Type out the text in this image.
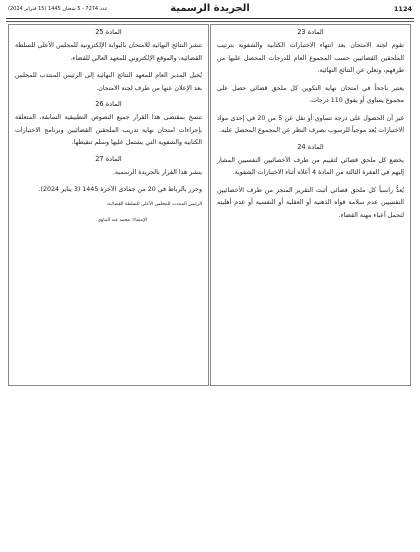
1124
الجريدة الرسمية
عدد 7274 - 5 شعبان 1445 (15 فبراير 2024)
المادة 23

تقوم لجنة الامتحان بعد انتهاء الاختبارات الكتابية والشفوية بترتيب الملحقين القضائيين حسب المجموع العام للدرجات المحصل عليها من طرفهم، وتعلن عن النتائج النهائية.

يعتبر ناجحاً في امتحان نهاية التكوين كل ملحق قضائي حصل على مجموع يساوي أو يفوق 110 درجات.

غير أن الحصول على درجة تساوي أو تقل عن 5 من 20 في إحدى مواد الاختبارات يُعد موجباً للرسوب بصرف النظر عن المجموع المحصل عليه.

المادة 24

يخضع كل ملحق قضائي لتقييم من طرف الأخصائيين النفسيين المشار إليهم في الفقرة الثالثة من المادة 4 أعلاه أثناء الاختبارات الشفوية.

يُعدُّ راسباً كل ملحق قضائي أثبت التقرير المنجز من طرف الأخصائيين النفسيين عدم سلامة قواه الذهنية أو العقلية أو النفسية أو عدم أهليته لتحمل أعباء مهنة القضاء.

المادة 25

تنشر النتائج النهائية للامتحان بالبوابة الإلكترونية للمجلس الأعلى للسلطة القضائية، والموقع الإلكتروني للمعهد العالي للقضاء.

يُحيل المدير العام للمعهد النتائج النهائية إلى الرئيس المنتدب للمجلس بعد الإعلان عنها من طرف لجنة الامتحان.

المادة 26

تنسخ بمقتضى هذا القرار جميع النصوص التطبيقية السابقة، المتعلقة بإجراءات امتحان نهاية تدريب الملحقين القضائيين وبرنامج الاختبارات الكتابية والشفوية التي يشتمل عليها وسلم تنقيطها.

المادة 27

ينشر هذا القرار بالجريدة الرسمية.

وحرر بالرباط في 20 من جمادى الآخرة 1445 (3 يناير 2024).

الرئيس المنتدب للمجلس الأعلى للسلطة القضائية،
الإمضاء: محمد عبد النباوي.
